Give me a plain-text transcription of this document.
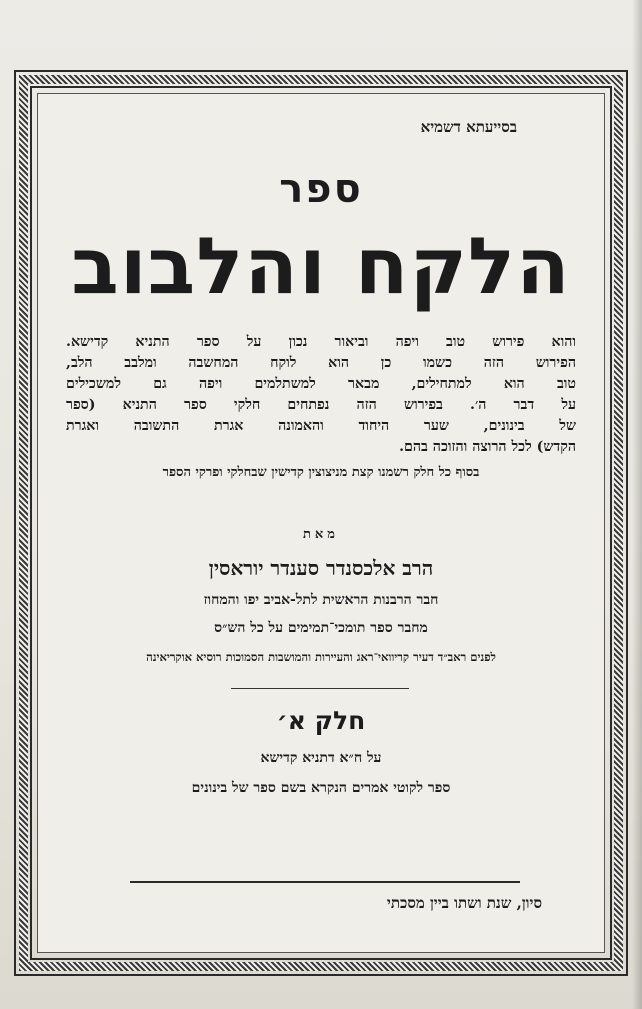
בסייעתא דשמיא
ספר
הלקח והלבוב
והוא פירוש טוב ויפה וביאור נכון על ספר התניא קדישא.
הפירוש הזה כשמו כן הוא לוקח המחשבה ומלבב הלב,
טוב הוא למתחילים, מבאר למשתלמים ויפה גם למשכילים
על דבר ה׳. בפירוש הזה נפתחים חלקי ספר התניא (ספר
של בינונים, שער היחוד והאמונה אגרת התשובה ואגרת
הקדש) לכל הרוצה והזוכה בהם.
בסוף כל חלק רשמנו קצת מניצוצין קדישין שבחלקי ופרקי הספר
מאת
הרב אלכסנדר סענדר יוראסין
חבר הרבנות הראשית לתל-אביב יפו והמחוז
מחבר ספר תומכי־תמימים על כל הש״ס
לפנים ראב״ד דעיר קריוואי־ראג והעיירות והמושבות הסמוכות רוסיא אוקריאינה
חלק א׳
על ח״א דתניא קדישא
ספר לקוטי אמרים הנקרא בשם ספר של בינונים
סיון, שנת ושתו ביין מסכתי
